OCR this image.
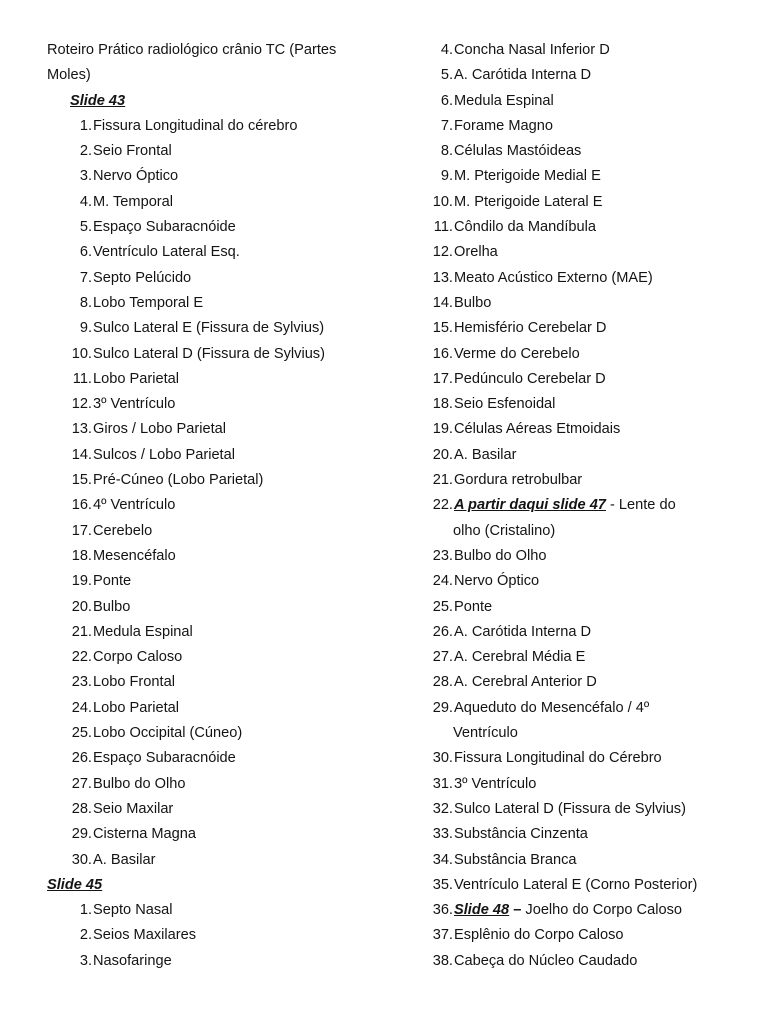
Roteiro Prático radiológico crânio TC (Partes
Moles)
Slide 43
1. Fissura Longitudinal do cérebro
2. Seio Frontal
3. Nervo Óptico
4. M. Temporal
5. Espaço Subaracnóide
6. Ventrículo Lateral Esq.
7. Septo Pelúcido
8. Lobo Temporal E
9. Sulco Lateral E (Fissura de Sylvius)
10. Sulco Lateral D (Fissura de Sylvius)
11. Lobo Parietal
12. 3º Ventrículo
13. Giros / Lobo Parietal
14. Sulcos / Lobo Parietal
15. Pré-Cúneo (Lobo Parietal)
16. 4º Ventrículo
17. Cerebelo
18. Mesencéfalo
19. Ponte
20. Bulbo
21. Medula Espinal
22. Corpo Caloso
23. Lobo Frontal
24. Lobo Parietal
25. Lobo Occipital (Cúneo)
26. Espaço Subaracnóide
27. Bulbo do Olho
28. Seio Maxilar
29. Cisterna Magna
30. A. Basilar
Slide 45
1. Septo Nasal
2. Seios Maxilares
3. Nasofaringe
4. Concha Nasal Inferior D
5. A. Carótida Interna D
6. Medula Espinal
7. Forame Magno
8. Células Mastóideas
9. M. Pterigoide Medial E
10. M. Pterigoide Lateral E
11. Côndilo da Mandíbula
12. Orelha
13. Meato Acústico Externo (MAE)
14. Bulbo
15. Hemisfério Cerebelar D
16. Verme do Cerebelo
17. Pedúnculo Cerebelar D
18. Seio Esfenoidal
19. Células Aéreas Etmoidais
20. A. Basilar
21. Gordura retrobulbar
22. A partir daqui slide 47 - Lente do
olho (Cristalino)
23. Bulbo do Olho
24. Nervo Óptico
25. Ponte
26. A. Carótida Interna D
27. A. Cerebral Média E
28. A. Cerebral Anterior D
29. Aqueduto do Mesencéfalo / 4º
Ventrículo
30. Fissura Longitudinal do Cérebro
31. 3º Ventrículo
32. Sulco Lateral D (Fissura de Sylvius)
33. Substância Cinzenta
34. Substância Branca
35. Ventrículo Lateral E (Corno Posterior)
36. Slide 48 – Joelho do Corpo Caloso
37. Esplênio do Corpo Caloso
38. Cabeça do Núcleo Caudado
